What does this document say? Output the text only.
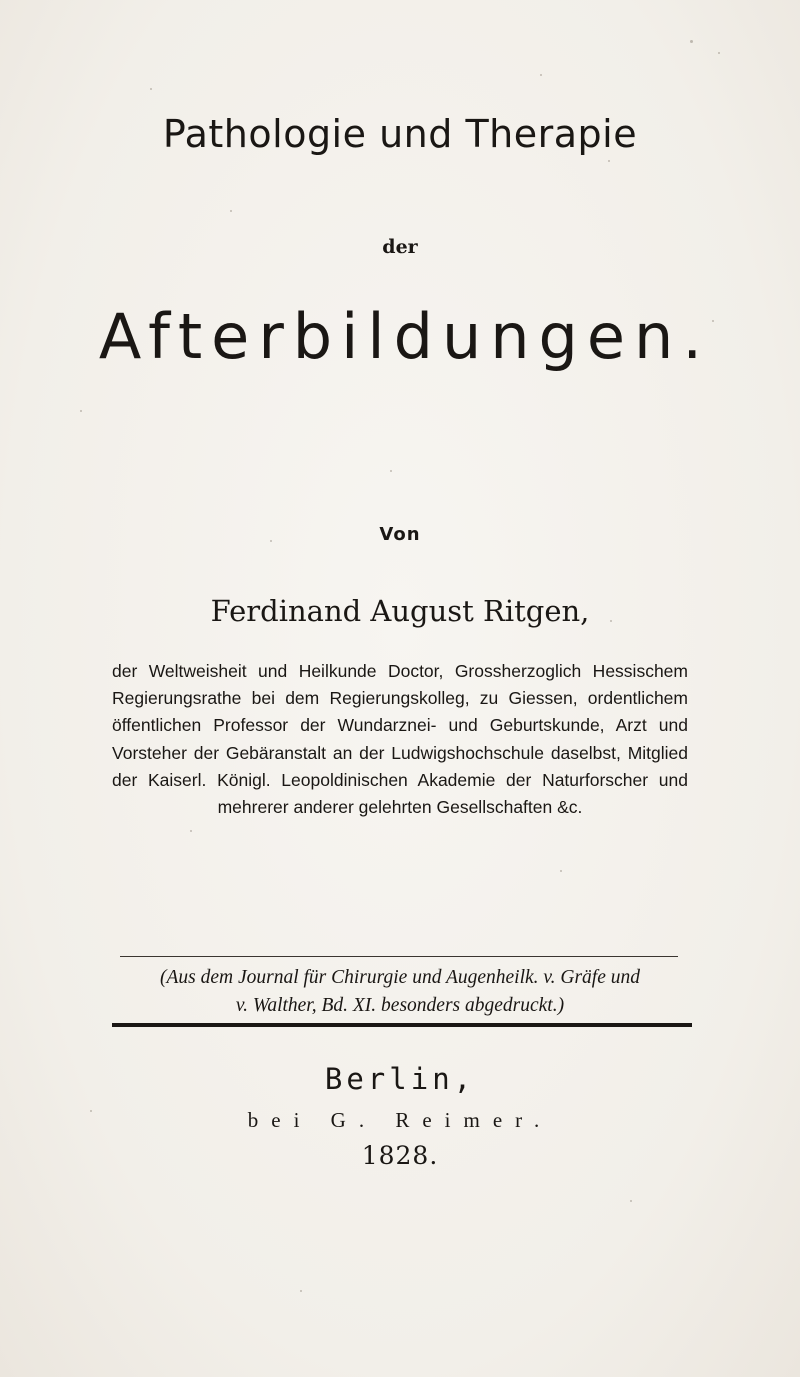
Pathologie und Therapie
der
Afterbildungen.
Von
Ferdinand August Ritgen,
der Weltweisheit und Heilkunde Doctor, Grossherzoglich Hessischem Regierungsrathe bei dem Regierungskolleg, zu Giessen, ordentlichem öffentlichen Professor der Wundarznei- und Geburtskunde, Arzt und Vorsteher der Gebäranstalt an der Ludwigshochschule daselbst, Mitglied der Kaiserl. Königl. Leopoldinischen Akademie der Naturforscher und mehrerer anderer gelehrten Gesellschaften &c.
(Aus dem Journal für Chirurgie und Augenheilk. v. Gräfe und
v. Walther, Bd. XI. besonders abgedruckt.)
Berlin,
bei G. Reimer.
1828.
